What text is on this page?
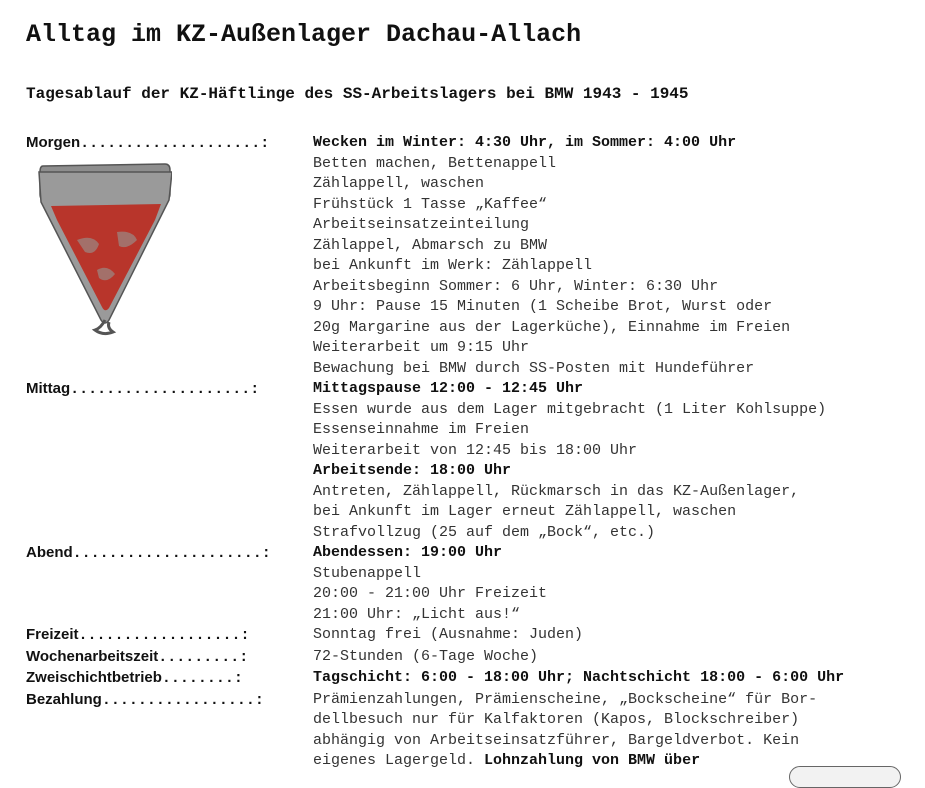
Alltag im KZ-Außenlager Dachau-Allach
Tagesablauf der KZ-Häftlinge des SS-Arbeitslagers bei BMW 1943 - 1945
Morgen....................:	Wecken im Winter: 4:30 Uhr, im Sommer: 4:00 Uhr
Betten machen, Bettenappell
Zählappell, waschen
Frühstück 1 Tasse „Kaffee“
Arbeitseinsatzeinteilung
Zählappel, Abmarsch zu BMW
bei Ankunft im Werk: Zählappell
Arbeitsbeginn Sommer: 6 Uhr, Winter: 6:30 Uhr
9 Uhr: Pause 15 Minuten (1 Scheibe Brot, Wurst oder
20g Margarine aus der Lagerküche), Einnahme im Freien
Weiterarbeit um 9:15 Uhr
Bewachung bei BMW durch SS-Posten mit Hundeführer
Mittag....................:	Mittagspause 12:00 - 12:45 Uhr
Essen wurde aus dem Lager mitgebracht (1 Liter Kohlsuppe)
Essenseinnahme im Freien
Weiterarbeit von 12:45 bis 18:00 Uhr
Arbeitsende: 18:00 Uhr
Antreten, Zählappell, Rückmarsch in das KZ-Außenlager,
bei Ankunft im Lager erneut Zählappell, waschen
Strafvollzug (25 auf dem „Bock“, etc.)
Abend.....................:	Abendessen: 19:00 Uhr
Stubenappell
20:00 - 21:00 Uhr Freizeit
21:00 Uhr: „Licht aus!“
Freizeit..................:	Sonntag frei (Ausnahme: Juden)
Wochenarbeitszeit.........:	72-Stunden (6-Tage Woche)
Zweischichtbetrieb........:	Tagschicht: 6:00 - 18:00 Uhr; Nachtschicht 18:00 - 6:00 Uhr
Bezahlung.................:	Prämienzahlungen, Prämienscheine, „Bockscheine“ für Bor-
dellbesuch nur für Kalfaktoren (Kapos, Blockschreiber)
abhängig von Arbeitseinsatzführer, Bargeldverbot. Kein
eigenes Lagergeld. Lohnzahlung von BMW über
